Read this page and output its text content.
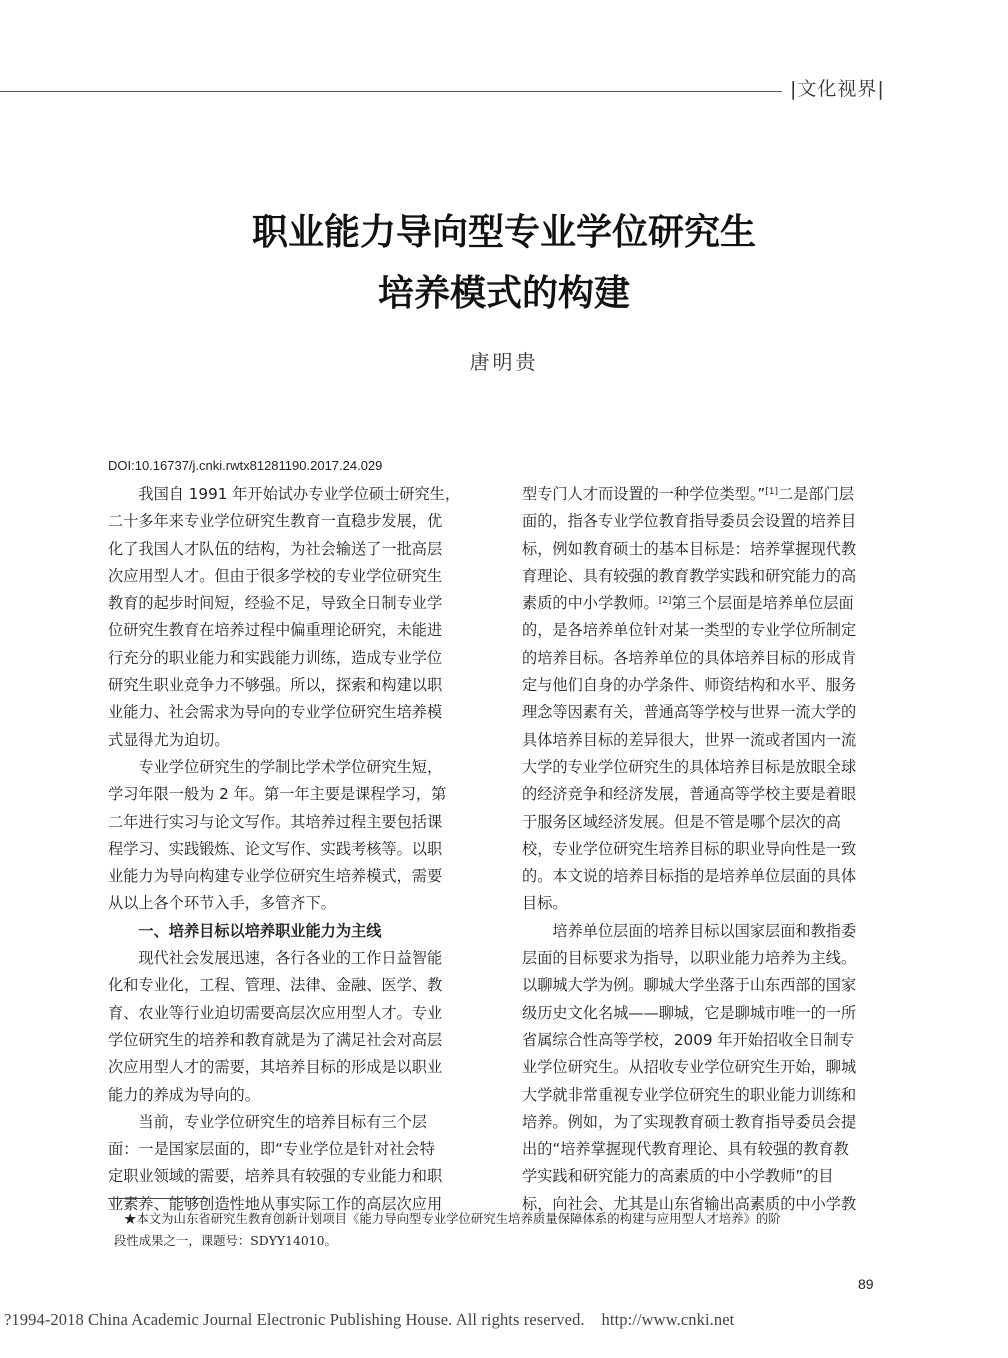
|文化视界|
职业能力导向型专业学位研究生
培养模式的构建
唐明贵
DOI:10.16737/j.cnki.rwtx81281190.2017.24.029
　　我国自 1991 年开始试办专业学位硕士研究生，
二十多年来专业学位研究生教育一直稳步发展，优
化了我国人才队伍的结构，为社会输送了一批高层
次应用型人才。但由于很多学校的专业学位研究生
教育的起步时间短，经验不足，导致全日制专业学
位研究生教育在培养过程中偏重理论研究，未能进
行充分的职业能力和实践能力训练，造成专业学位
研究生职业竞争力不够强。所以，探索和构建以职
业能力、社会需求为导向的专业学位研究生培养模
式显得尤为迫切。
　　专业学位研究生的学制比学术学位研究生短，
学习年限一般为 2 年。第一年主要是课程学习，第
二年进行实习与论文写作。其培养过程主要包括课
程学习、实践锻炼、论文写作、实践考核等。以职
业能力为导向构建专业学位研究生培养模式，需要
从以上各个环节入手，多管齐下。
　　一、培养目标以培养职业能力为主线
　　现代社会发展迅速，各行各业的工作日益智能
化和专业化，工程、管理、法律、金融、医学、教
育、农业等行业迫切需要高层次应用型人才。专业
学位研究生的培养和教育就是为了满足社会对高层
次应用型人才的需要，其培养目标的形成是以职业
能力的养成为导向的。
　　当前，专业学位研究生的培养目标有三个层
面：一是国家层面的，即“专业学位是针对社会特
定职业领域的需要，培养具有较强的专业能力和职
业素养、能够创造性地从事实际工作的高层次应用
型专门人才而设置的一种学位类型。”[1]二是部门层
面的，指各专业学位教育指导委员会设置的培养目
标，例如教育硕士的基本目标是：培养掌握现代教
育理论、具有较强的教育教学实践和研究能力的高
素质的中小学教师。[2]第三个层面是培养单位层面
的，是各培养单位针对某一类型的专业学位所制定
的培养目标。各培养单位的具体培养目标的形成肯
定与他们自身的办学条件、师资结构和水平、服务
理念等因素有关，普通高等学校与世界一流大学的
具体培养目标的差异很大，世界一流或者国内一流
大学的专业学位研究生的具体培养目标是放眼全球
的经济竞争和经济发展，普通高等学校主要是着眼
于服务区域经济发展。但是不管是哪个层次的高
校，专业学位研究生培养目标的职业导向性是一致
的。本文说的培养目标指的是培养单位层面的具体
目标。
　　培养单位层面的培养目标以国家层面和教指委
层面的目标要求为指导，以职业能力培养为主线。
以聊城大学为例。聊城大学坐落于山东西部的国家
级历史文化名城——聊城，它是聊城市唯一的一所
省属综合性高等学校，2009 年开始招收全日制专
业学位研究生。从招收专业学位研究生开始，聊城
大学就非常重视专业学位研究生的职业能力训练和
培养。例如，为了实现教育硕士教育指导委员会提
出的“培养掌握现代教育理论、具有较强的教育教
学实践和研究能力的高素质的中小学教师”的目
标，向社会、尤其是山东省输出高素质的中小学教
★本文为山东省研究生教育创新计划项目《能力导向型专业学位研究生培养质量保障体系的构建与应用型人才培养》的阶
段性成果之一，课题号：SDYY14010。
89
?1994-2018 China Academic Journal Electronic Publishing House. All rights reserved.    http://www.cnki.net
